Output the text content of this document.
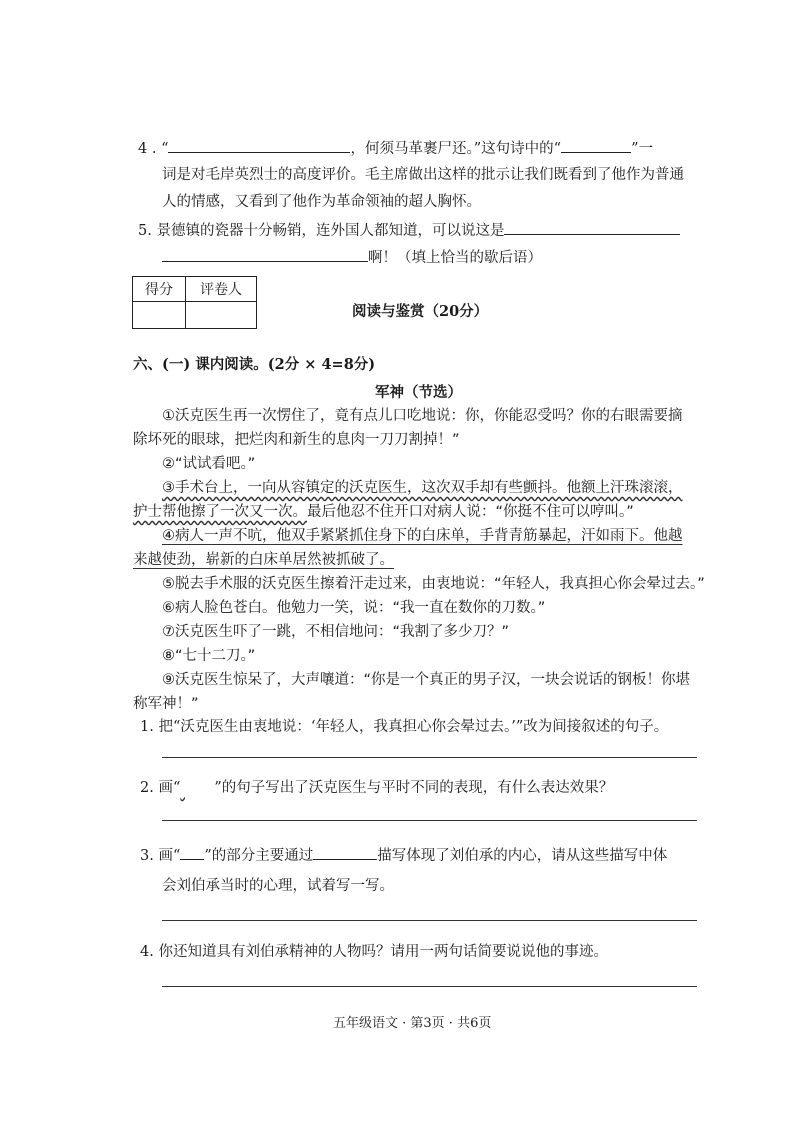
4 . “	，何须马革裹尸还。”这句诗中的“	”一
词是对毛岸英烈士的高度评价。毛主席做出这样的批示让我们既看到了他作为普通
人的情感，又看到了他作为革命领袖的超人胸怀。
5. 景德镇的瓷器十分畅销，连外国人都知道，可以说这是
啊！（填上恰当的歇后语）
得分	评卷人

阅读与鉴赏（20分）
六、(一) 课内阅读。(2分 × 4=8分)
军神（节选）
①沃克医生再一次愣住了，竟有点儿口吃地说：你，你能忍受吗？你的右眼需要摘
除坏死的眼球，把烂肉和新生的息肉一刀刀割掉！”
②“试试看吧。”
③手术台上，一向从容镇定的沃克医生，这次双手却有些颤抖。他额上汗珠滚滚，
护士帮他擦了一次又一次。最后他忍不住开口对病人说：“你挺不住可以哼叫。”
④病人一声不吭，他双手紧紧抓住身下的白床单，手背青筋暴起，汗如雨下。他越
来越使劲，崭新的白床单居然被抓破了。
⑤脱去手术服的沃克医生擦着汗走过来，由衷地说：“年轻人，我真担心你会晕过去。”
⑥病人脸色苍白。他勉力一笑，说：“我一直在数你的刀数。”
⑦沃克医生吓了一跳，不相信地问：“我割了多少刀？”
⑧“七十二刀。”
⑨沃克医生惊呆了，大声嚷道：“你是一个真正的男子汉，一块会说话的钢板！你堪
称军神！”
1. 把“沃克医生由衷地说：‘年轻人，我真担心你会晕过去。’”改为间接叙述的句子。
2. 画“ ”的句子写出了沃克医生与平时不同的表现，有什么表达效果？
3. 画“ ”的部分主要通过	描写体现了刘伯承的内心，请从这些描写中体
会刘伯承当时的心理，试着写一写。
4. 你还知道具有刘伯承精神的人物吗？请用一两句话简要说说他的事迹。
五年级语文 · 第3页 · 共6页
